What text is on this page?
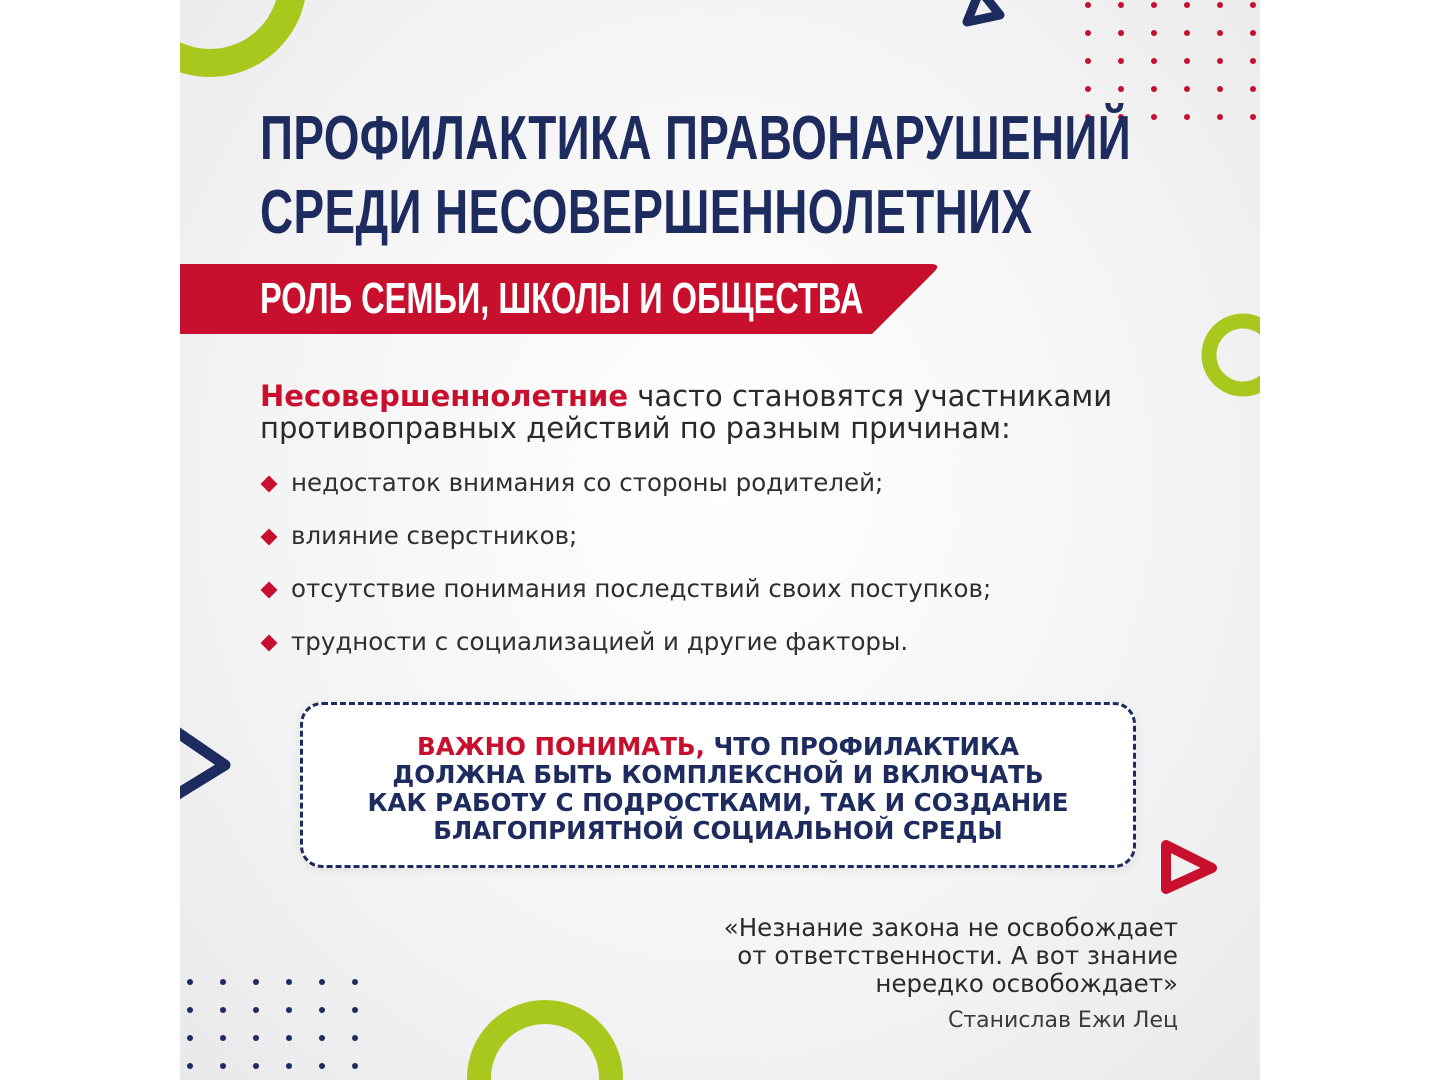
ПРОФИЛАКТИКА ПРАВОНАРУШЕНИЙ
СРЕДИ НЕСОВЕРШЕННОЛЕТНИХ

РОЛЬ СЕМЬИ, ШКОЛЫ И ОБЩЕСТВА

Несовершеннолетние часто становятся участниками противоправных действий по разным причинам:

недостаток внимания со стороны родителей;
влияние сверстников;
отсутствие понимания последствий своих поступков;
трудности с социализацией и другие факторы.

ВАЖНО ПОНИМАТЬ, ЧТО ПРОФИЛАКТИКА
ДОЛЖНА БЫТЬ КОМПЛЕКСНОЙ И ВКЛЮЧАТЬ
КАК РАБОТУ С ПОДРОСТКАМИ, ТАК И СОЗДАНИЕ
БЛАГОПРИЯТНОЙ СОЦИАЛЬНОЙ СРЕДЫ

«Незнание закона не освобождает
от ответственности. А вот знание
нередко освобождает»

Станислав Ежи Лец
